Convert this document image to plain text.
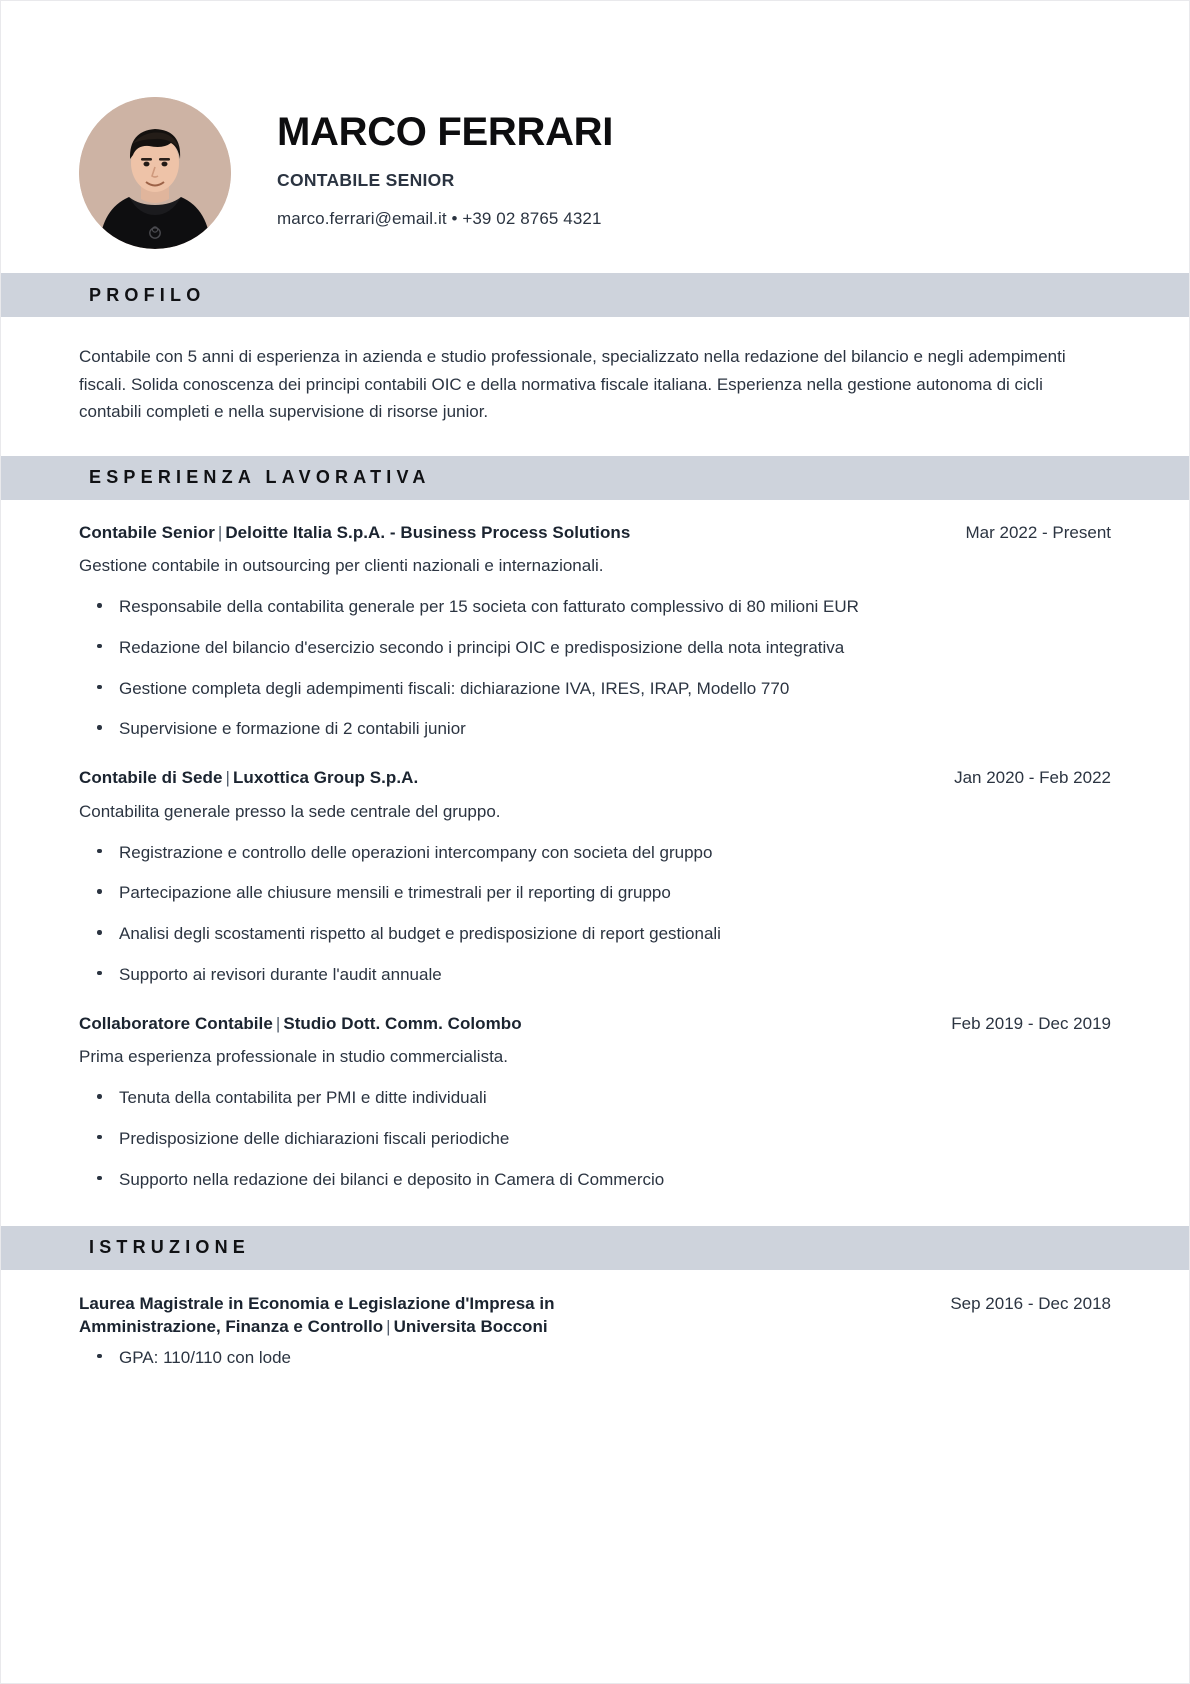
MARCO FERRARI
CONTABILE SENIOR
marco.ferrari@email.it • +39 02 8765 4321
PROFILO
Contabile con 5 anni di esperienza in azienda e studio professionale, specializzato nella redazione del bilancio e negli adempimenti fiscali. Solida conoscenza dei principi contabili OIC e della normativa fiscale italiana. Esperienza nella gestione autonoma di cicli contabili completi e nella supervisione di risorse junior.
ESPERIENZA LAVORATIVA
Contabile Senior | Deloitte Italia S.p.A. - Business Process Solutions	Mar 2022 - Present
Gestione contabile in outsourcing per clienti nazionali e internazionali.
Responsabile della contabilita generale per 15 societa con fatturato complessivo di 80 milioni EUR
Redazione del bilancio d'esercizio secondo i principi OIC e predisposizione della nota integrativa
Gestione completa degli adempimenti fiscali: dichiarazione IVA, IRES, IRAP, Modello 770
Supervisione e formazione di 2 contabili junior
Contabile di Sede | Luxottica Group S.p.A.	Jan 2020 - Feb 2022
Contabilita generale presso la sede centrale del gruppo.
Registrazione e controllo delle operazioni intercompany con societa del gruppo
Partecipazione alle chiusure mensili e trimestrali per il reporting di gruppo
Analisi degli scostamenti rispetto al budget e predisposizione di report gestionali
Supporto ai revisori durante l'audit annuale
Collaboratore Contabile | Studio Dott. Comm. Colombo	Feb 2019 - Dec 2019
Prima esperienza professionale in studio commercialista.
Tenuta della contabilita per PMI e ditte individuali
Predisposizione delle dichiarazioni fiscali periodiche
Supporto nella redazione dei bilanci e deposito in Camera di Commercio
ISTRUZIONE
Laurea Magistrale in Economia e Legislazione d'Impresa in Amministrazione, Finanza e Controllo | Universita Bocconi
Sep 2016 - Dec 2018
GPA: 110/110 con lode
